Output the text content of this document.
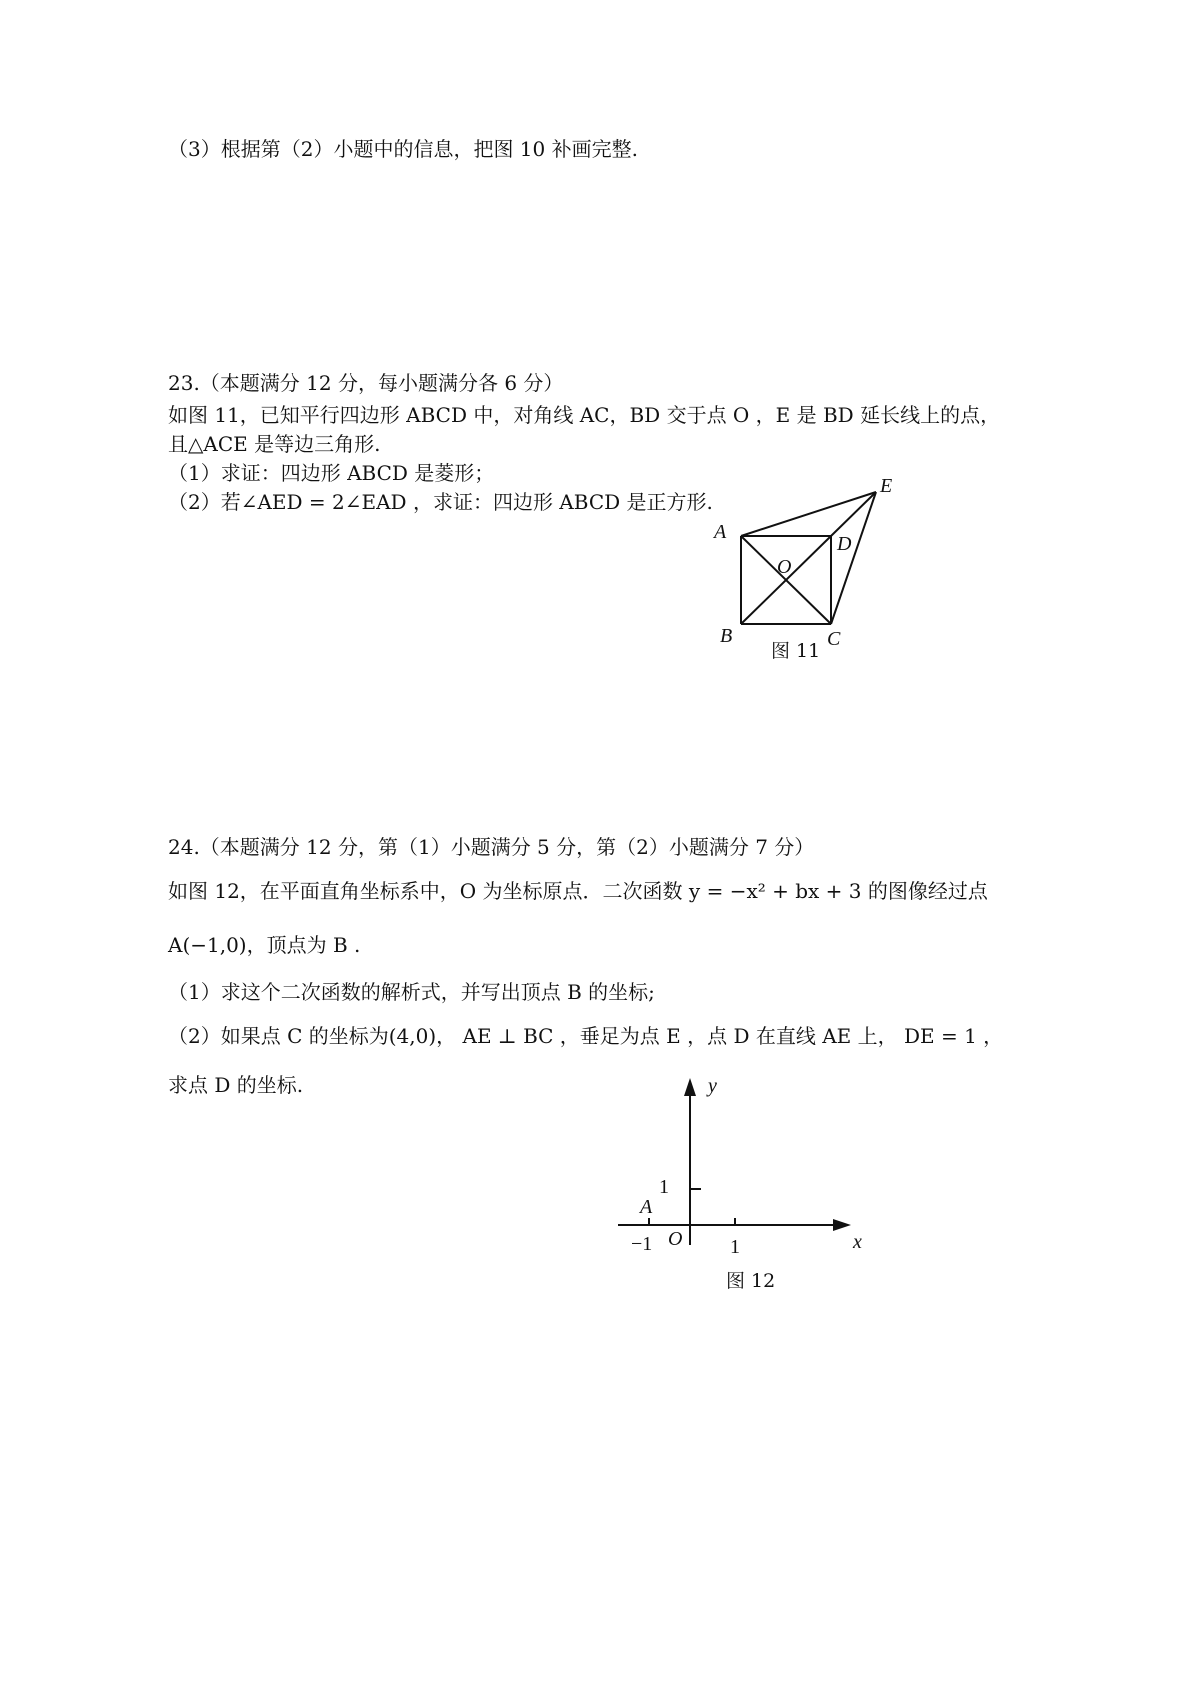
（3）根据第（2）小题中的信息，把图 10 补画完整.
23.（本题满分 12 分，每小题满分各 6 分）
如图 11，已知平行四边形 ABCD 中，对角线 AC，BD 交于点 O ，E 是 BD 延长线上的点，
且△ACE 是等边三角形.
（1）求证：四边形 ABCD 是菱形；
（2）若∠AED = 2∠EAD ，求证：四边形 ABCD 是正方形.
A
B	C
D
E
O
图 11
24.（本题满分 12 分，第（1）小题满分 5 分，第（2）小题满分 7 分）
如图 12，在平面直角坐标系中，O 为坐标原点．二次函数 y = −x² + bx + 3 的图像经过点
A(−1,0)，顶点为 B .
（1）求这个二次函数的解析式，并写出顶点 B 的坐标;
（2）如果点 C 的坐标为(4,0)， AE ⊥ BC ，垂足为点 E ，点 D 在直线 AE 上， DE = 1 ，
求点 D 的坐标.	y
x
1
A
−1 O 1
图 12
